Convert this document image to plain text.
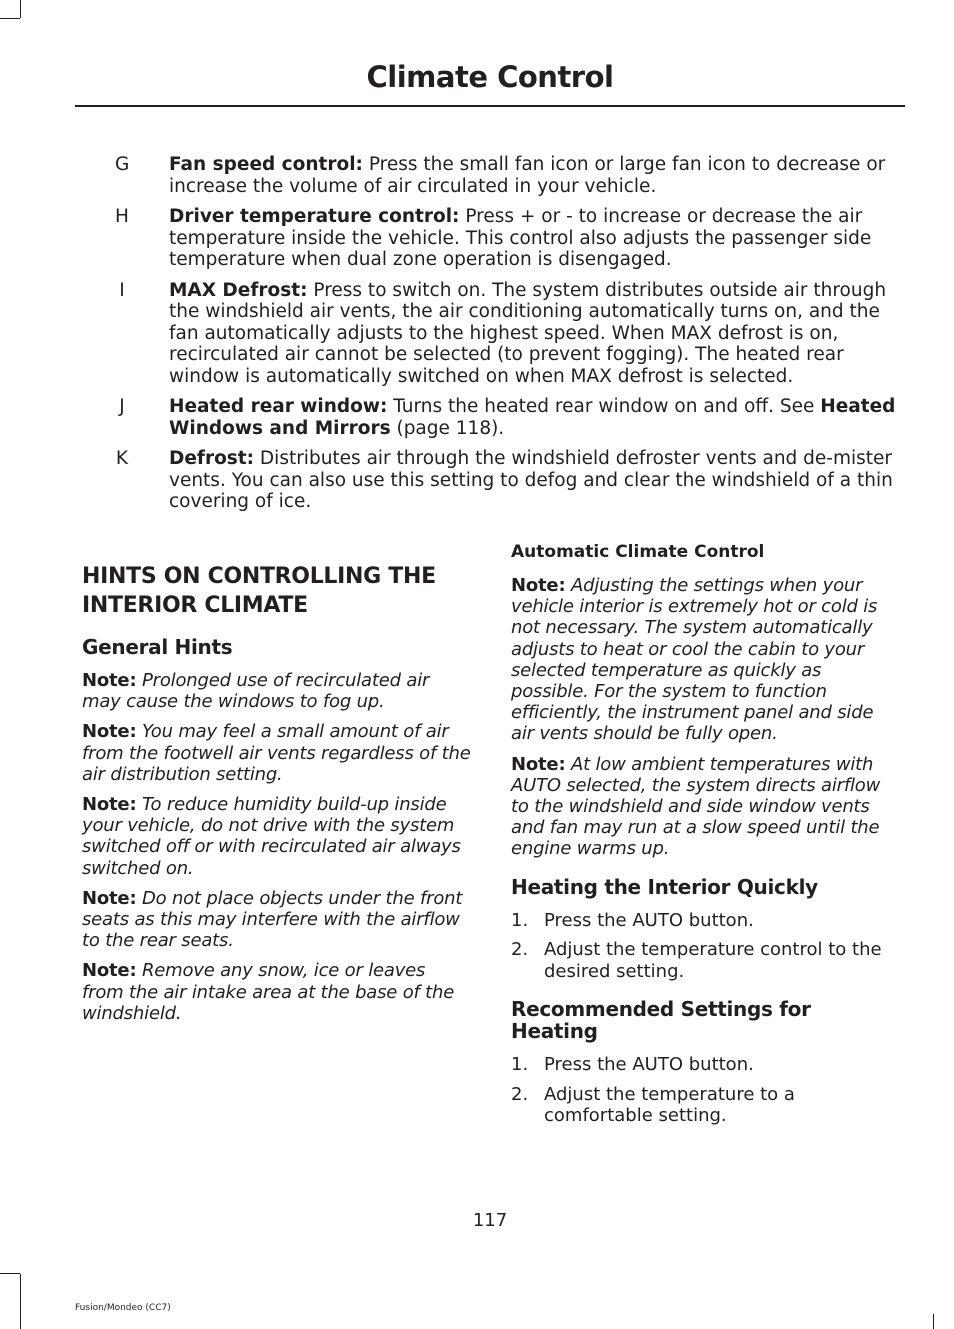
Climate Control
G Fan speed control: Press the small fan icon or large fan icon to decrease or increase the volume of air circulated in your vehicle.
H Driver temperature control: Press + or - to increase or decrease the air temperature inside the vehicle. This control also adjusts the passenger side temperature when dual zone operation is disengaged.
I MAX Defrost: Press to switch on. The system distributes outside air through the windshield air vents, the air conditioning automatically turns on, and the fan automatically adjusts to the highest speed. When MAX defrost is on, recirculated air cannot be selected (to prevent fogging). The heated rear window is automatically switched on when MAX defrost is selected.
J Heated rear window: Turns the heated rear window on and off. See Heated Windows and Mirrors (page 118).
K Defrost: Distributes air through the windshield defroster vents and de-mister vents. You can also use this setting to defog and clear the windshield of a thin covering of ice.
HINTS ON CONTROLLING THE INTERIOR CLIMATE
General Hints

Note: Prolonged use of recirculated air may cause the windows to fog up.

Note: You may feel a small amount of air from the footwell air vents regardless of the air distribution setting.

Note: To reduce humidity build-up inside your vehicle, do not drive with the system switched off or with recirculated air always switched on.

Note: Do not place objects under the front seats as this may interfere with the airflow to the rear seats.

Note: Remove any snow, ice or leaves from the air intake area at the base of the windshield.

Automatic Climate Control

Note: Adjusting the settings when your vehicle interior is extremely hot or cold is not necessary. The system automatically adjusts to heat or cool the cabin to your selected temperature as quickly as possible. For the system to function efficiently, the instrument panel and side air vents should be fully open.

Note: At low ambient temperatures with AUTO selected, the system directs airflow to the windshield and side window vents and fan may run at a slow speed until the engine warms up.

Heating the Interior Quickly
1. Press the AUTO button.
2. Adjust the temperature control to the desired setting.
Recommended Settings for Heating
1. Press the AUTO button.
2. Adjust the temperature to a comfortable setting.
117
Fusion/Mondeo (CC7)
